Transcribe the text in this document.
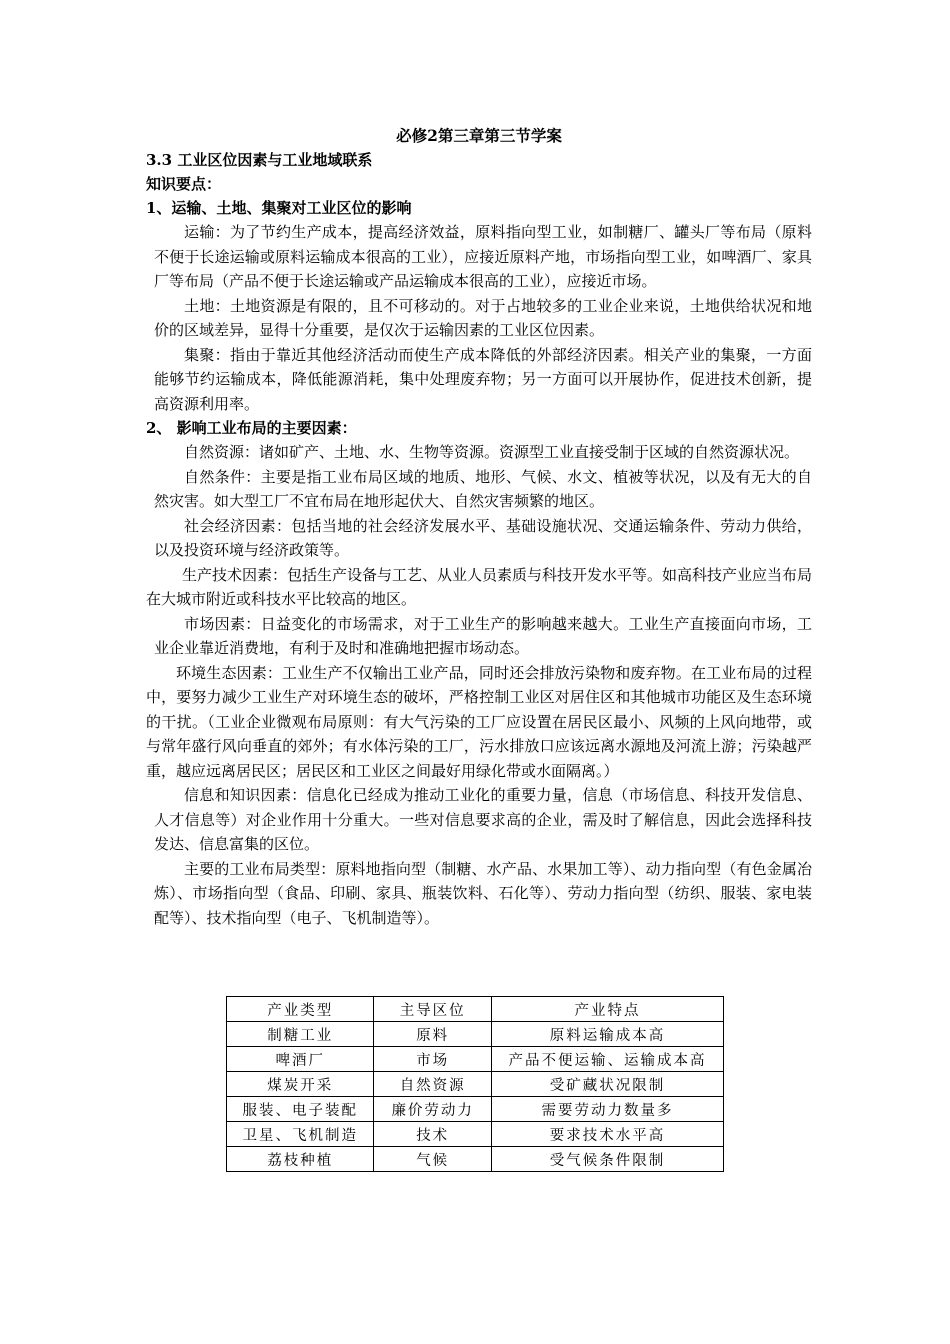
必修2第三章第三节学案
3.3 工业区位因素与工业地域联系
知识要点：
1、运输、土地、集聚对工业区位的影响

运输：为了节约生产成本，提高经济效益，原料指向型工业，如制糖厂、罐头厂等布局（原料不便于长途运输或原料运输成本很高的工业），应接近原料产地，市场指向型工业，如啤酒厂、家具厂等布局（产品不便于长途运输或产品运输成本很高的工业），应接近市场。

土地：土地资源是有限的，且不可移动的。对于占地较多的工业企业来说，土地供给状况和地价的区域差异，显得十分重要，是仅次于运输因素的工业区位因素。

集聚：指由于靠近其他经济活动而使生产成本降低的外部经济因素。相关产业的集聚，一方面能够节约运输成本，降低能源消耗，集中处理废弃物；另一方面可以开展协作，促进技术创新，提高资源利用率。

2、 影响工业布局的主要因素：

自然资源：诸如矿产、土地、水、生物等资源。资源型工业直接受制于区域的自然资源状况。

自然条件：主要是指工业布局区域的地质、地形、气候、水文、植被等状况，以及有无大的自然灾害。如大型工厂不宜布局在地形起伏大、自然灾害频繁的地区。

社会经济因素：包括当地的社会经济发展水平、基础设施状况、交通运输条件、劳动力供给，以及投资环境与经济政策等。

生产技术因素：包括生产设备与工艺、从业人员素质与科技开发水平等。如高科技产业应当布局在大城市附近或科技水平比较高的地区。

市场因素：日益变化的市场需求，对于工业生产的影响越来越大。工业生产直接面向市场，工业企业靠近消费地，有利于及时和准确地把握市场动态。

环境生态因素：工业生产不仅输出工业产品，同时还会排放污染物和废弃物。在工业布局的过程中，要努力减少工业生产对环境生态的破坏，严格控制工业区对居住区和其他城市功能区及生态环境的干扰。（工业企业微观布局原则：有大气污染的工厂应设置在居民区最小、风频的上风向地带，或与常年盛行风向垂直的郊外；有水体污染的工厂，污水排放口应该远离水源地及河流上游；污染越严重，越应远离居民区；居民区和工业区之间最好用绿化带或水面隔离。）

信息和知识因素：信息化已经成为推动工业化的重要力量，信息（市场信息、科技开发信息、人才信息等）对企业作用十分重大。一些对信息要求高的企业，需及时了解信息，因此会选择科技发达、信息富集的区位。

主要的工业布局类型：原料地指向型（制糖、水产品、水果加工等）、动力指向型（有色金属冶炼）、市场指向型（食品、印刷、家具、瓶装饮料、石化等）、劳动力指向型（纺织、服装、家电装配等）、技术指向型（电子、飞机制造等）。

产业类型	主导区位	产业特点
制糖工业	原料	原料运输成本高
啤酒厂	市场	产品不便运输、运输成本高
煤炭开采	自然资源	受矿藏状况限制
服装、电子装配	廉价劳动力	需要劳动力数量多
卫星、飞机制造	技术	要求技术水平高
荔枝种植	气候	受气候条件限制
